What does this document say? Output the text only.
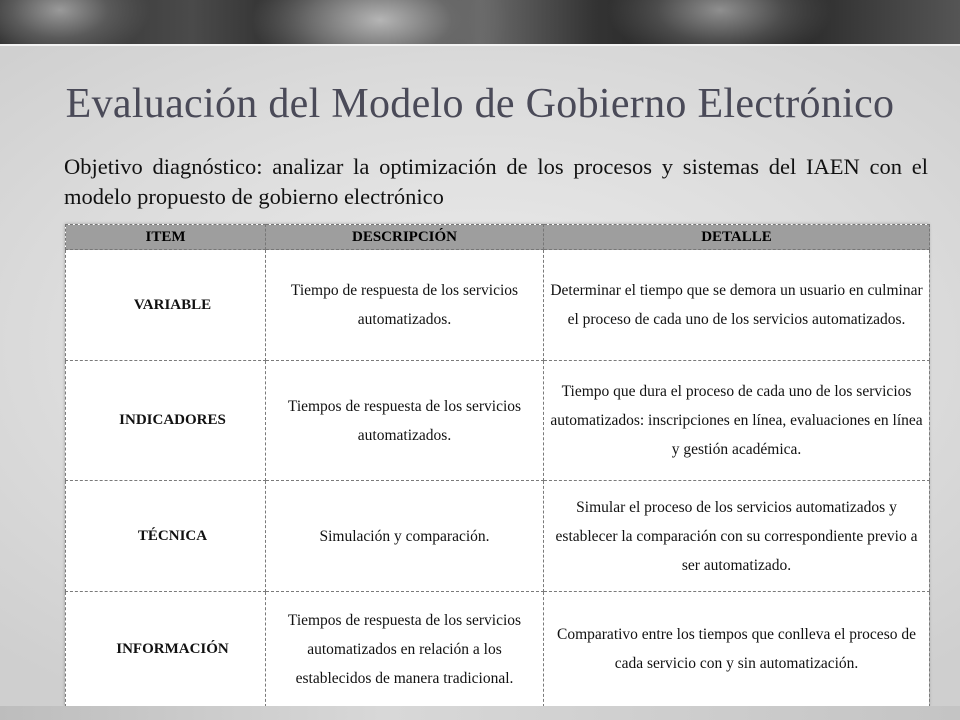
Evaluación del Modelo de Gobierno Electrónico
Objetivo diagnóstico: analizar la optimización de los procesos y sistemas del IAEN con el modelo propuesto de gobierno electrónico
ITEM	DESCRIPCIÓN	DETALLE
VARIABLE	Tiempo de respuesta de los servicios automatizados.	Determinar el tiempo que se demora un usuario en culminar el proceso de cada uno de los servicios automatizados.
INDICADORES	Tiempos de respuesta de los servicios automatizados.	Tiempo que dura el proceso de cada uno de los servicios automatizados: inscripciones en línea, evaluaciones en línea y gestión académica.
TÉCNICA	Simulación y comparación.	Simular el proceso de los servicios automatizados y establecer la comparación con su correspondiente previo a ser automatizado.
INFORMACIÓN	Tiempos de respuesta de los servicios automatizados en relación a los establecidos de manera tradicional.	Comparativo entre los tiempos que conlleva el proceso de cada servicio con y sin automatización.
